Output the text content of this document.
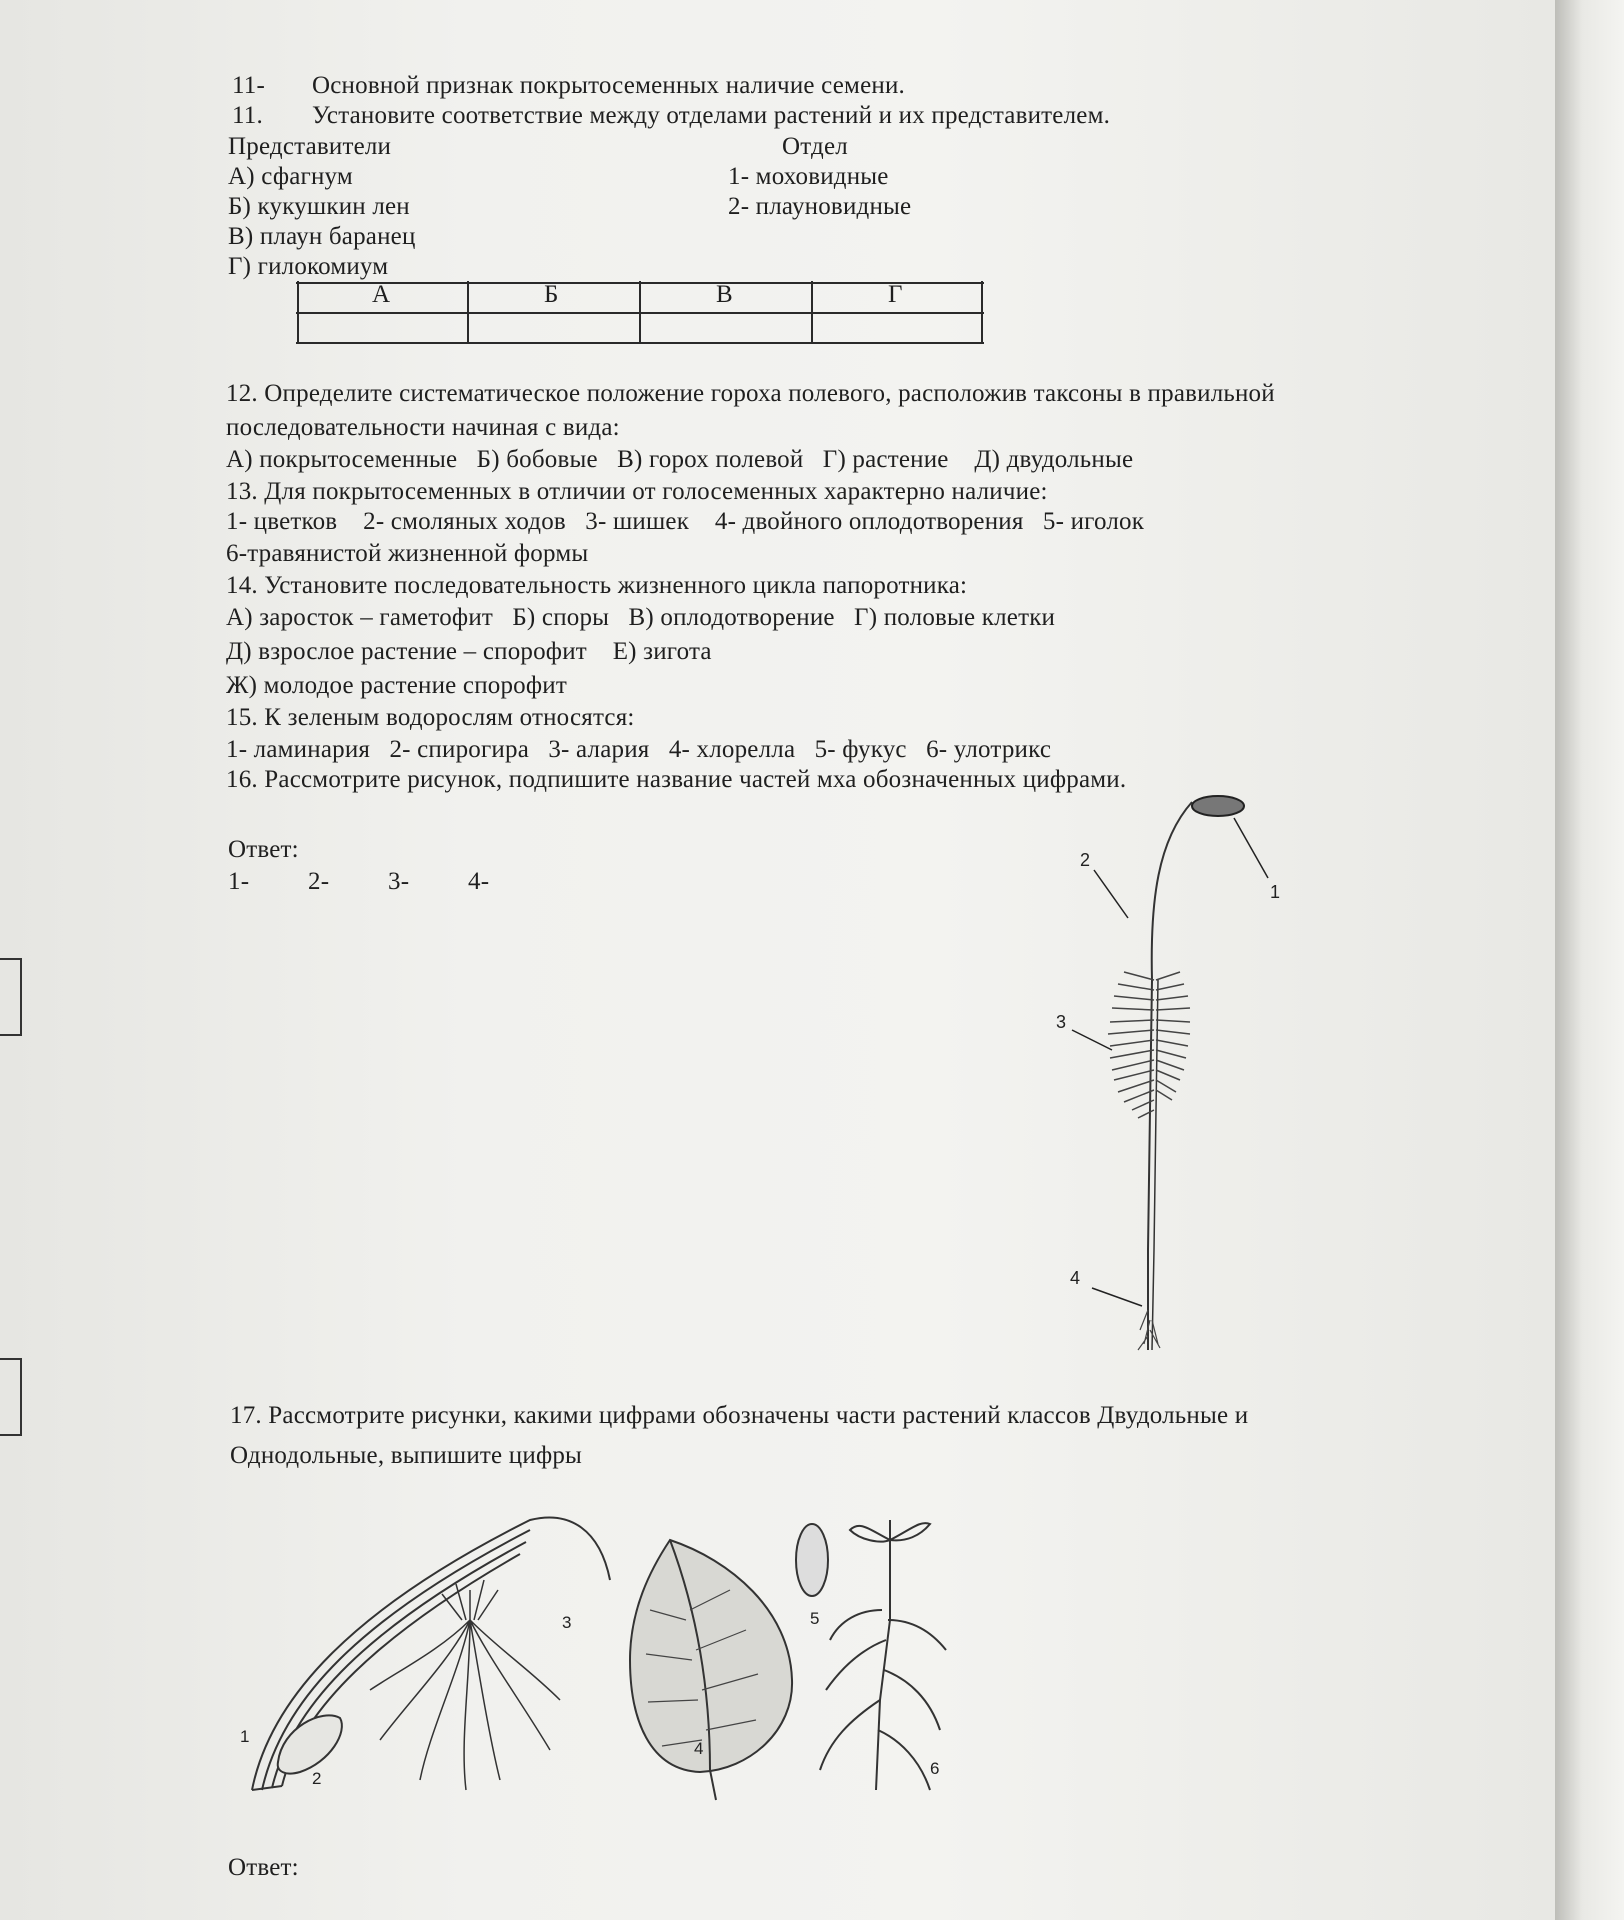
11- Основной признак покрытосеменных наличие семени.
11. Установите соответствие между отделами растений и их представителем.
Представители	Отдел
А) сфагнум
Б) кукушкин лен
В) плаун баранец
Г) гилокомиум
1- моховидные
2- плауновидные
А	Б	В	Г
12. Определите систематическое положение гороха полевого, расположив таксоны в правильной
последовательности начиная с вида:
А) покрытосеменные   Б) бобовые   В) горох полевой   Г) растение    Д) двудольные
13. Для покрытосеменных в отличии от голосеменных характерно наличие:
1- цветков    2- смоляных ходов   3- шишек    4- двойного оплодотворения   5- иголок
6-травянистой жизненной формы
14. Установите последовательность жизненного цикла папоротника:
А) заросток – гаметофит   Б) споры   В) оплодотворение   Г) половые клетки
Д) взрослое растение – спорофит    Е) зигота
Ж) молодое растение спорофит
15. К зеленым водорослям относятся:
1- ламинария   2- спирогира   3- алария   4- хлорелла   5- фукус   6- улотрикс
16. Рассмотрите рисунок, подпишите название частей мха обозначенных цифрами.
Ответ:
1- 2- 3- 4-	1
2
3
4
17. Рассмотрите рисунки, какими цифрами обозначены части растений классов Двудольные и
Однодольные, выпишите цифры
1
2
3
4
5
6
Ответ:
